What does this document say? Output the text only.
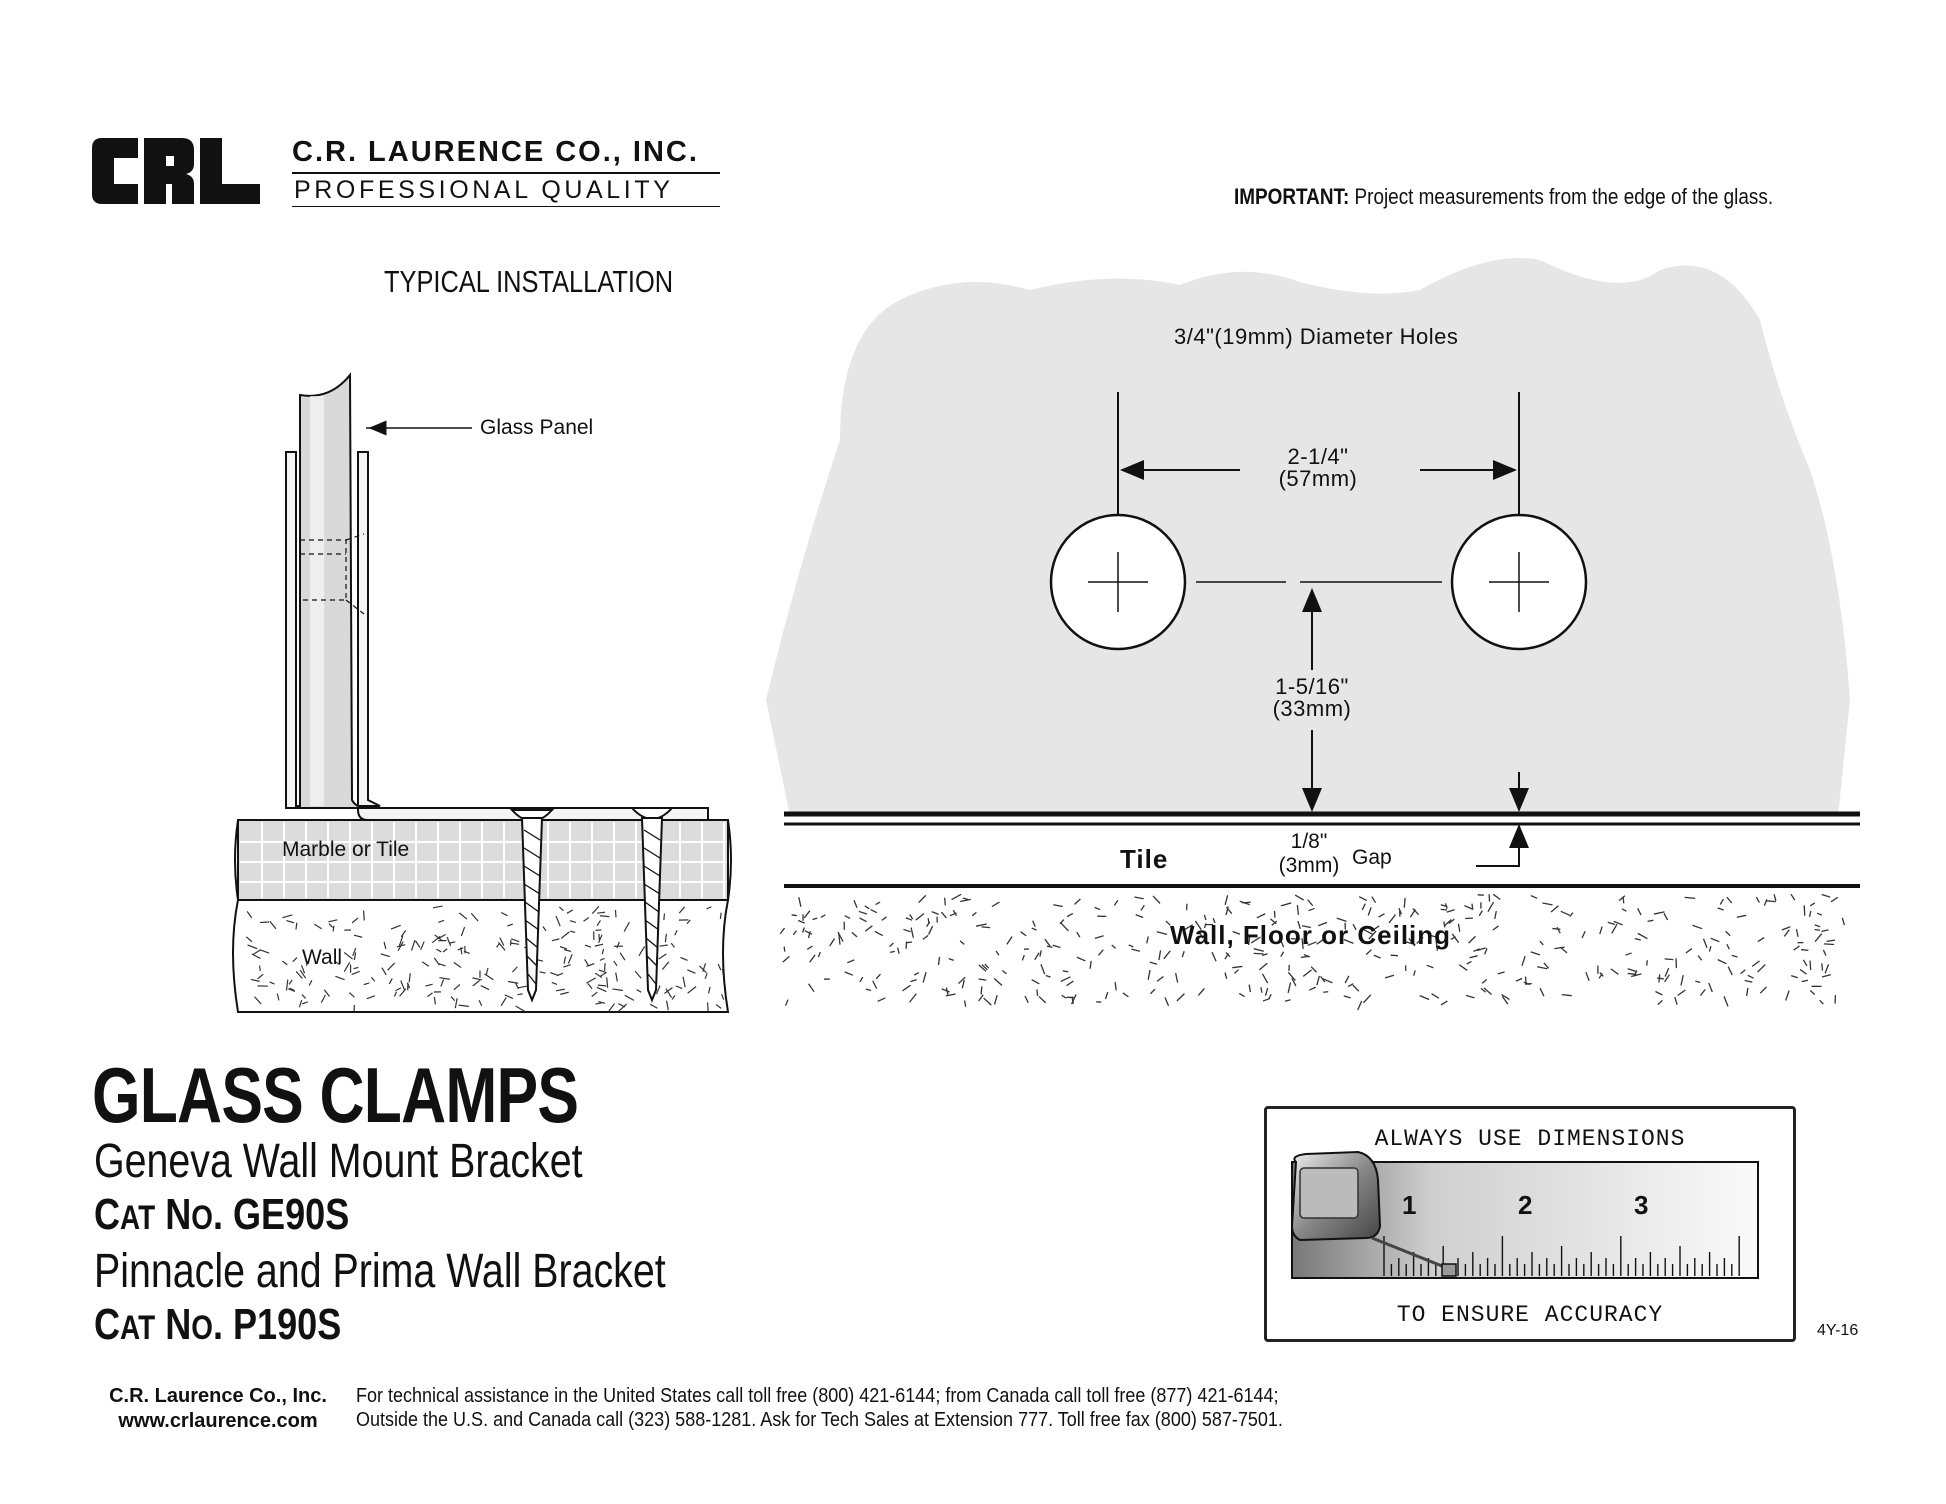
C.R. LAURENCE CO., INC.
PROFESSIONAL QUALITY	IMPORTANT: Project measurements from the edge of the glass.
TYPICAL INSTALLATION
Glass Panel
Marble or Tile
Wall
3/4"(19mm) Diameter Holes
2-1/4"
(57mm)
1-5/16"
(33mm)
Tile
1/8"
(3mm) Gap
Wall, Floor or Ceiling
GLASS CLAMPS
Geneva Wall Mount Bracket
CAT NO. GE90S
Pinnacle and Prima Wall Bracket
CAT NO. P190S
ALWAYS USE DIMENSIONS
TO ENSURE ACCURACY
1	2	3
4Y-16
C.R. Laurence Co., Inc.
www.crlaurence.com
For technical assistance in the United States call toll free (800) 421-6144; from Canada call toll free (877) 421-6144;
Outside the U.S. and Canada call (323) 588-1281. Ask for Tech Sales at Extension 777. Toll free fax (800) 587-7501.
